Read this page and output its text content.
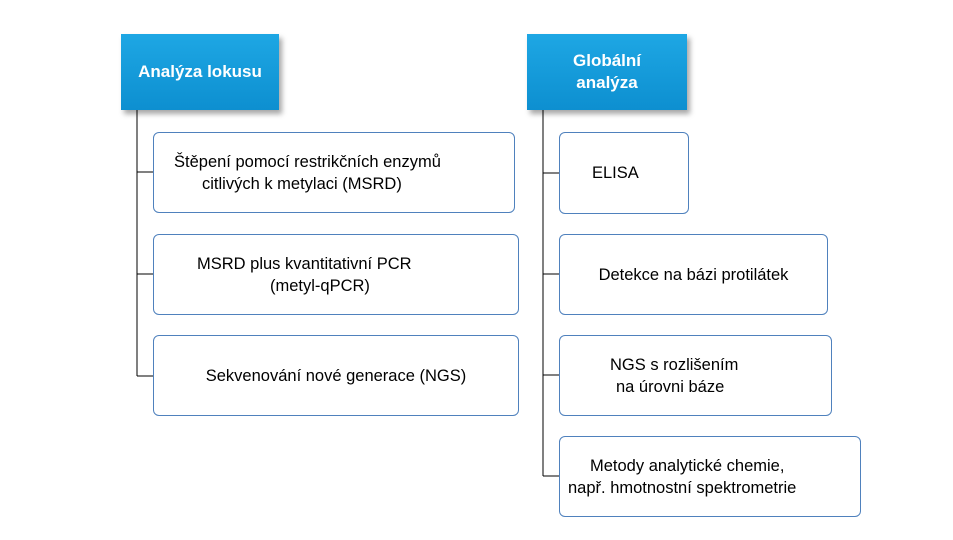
Analýza lokusu
Štěpení pomocí restrikčních enzymů
citlivých k metylaci (MSRD)
MSRD plus kvantitativní PCR
(metyl-qPCR)
Sekvenování nové generace (NGS)
Globální
analýza
ELISA
Detekce na bázi protilátek
NGS s rozlišením
na úrovni báze
Metody analytické chemie,
např. hmotnostní spektrometrie
